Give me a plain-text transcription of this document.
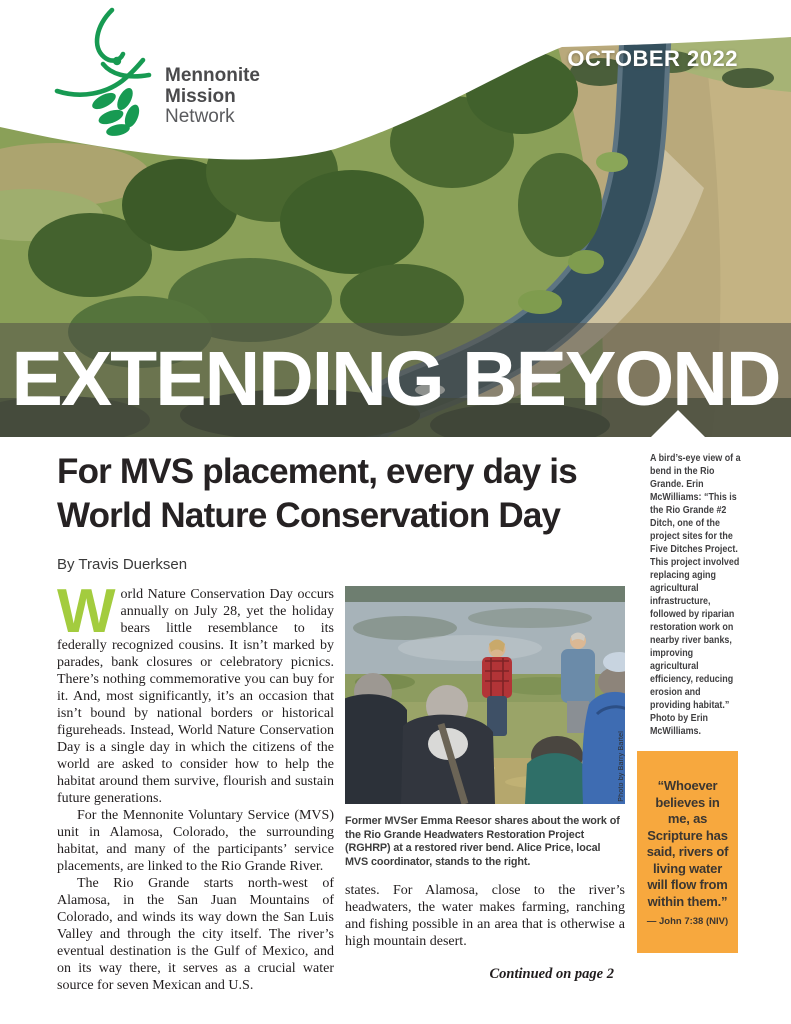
EXTENDING BEYOND
Mennonite
Mission
Network
OCTOBER 2022
For MVS placement, every day is
World Nature Conservation Day
By Travis Duerksen

World Nature Conservation Day occurs annually on July 28, yet the holiday bears little resemblance to its federally recognized cousins. It isn’t marked by parades, bank closures or celebratory picnics. There’s nothing commemorative you can buy for it. And, most significantly, it’s an occasion that isn’t bound by national borders or historical figureheads. Instead, World Nature Conservation Day is a single day in which the citizens of the world are asked to consider how to help the habitat around them survive, flourish and sustain future generations.

For the Mennonite Voluntary Service (MVS) unit in Alamosa, Colorado, the surrounding habitat, and many of the participants’ service placements, are linked to the Rio Grande River.

The Rio Grande starts north-west of Alamosa, in the San Juan Mountains of Colorado, and winds its way down the San Luis Valley and through the city itself. The river’s eventual destination is the Gulf of Mexico, and on its way there, it serves as a crucial water source for seven Mexican and U.S.

Photo by Barry Bartel
Former MVSer Emma Reesor shares about the work of the Rio Grande Headwaters Restoration Project (RGHRP) at a restored river bend. Alice Price, local MVS coordinator, stands to the right.

states. For Alamosa, close to the river’s headwaters, the water makes farming, ranching and fishing possible in an area that is otherwise a high mountain desert.

Continued on page 2
A bird’s-eye view of a bend in the Rio Grande. Erin McWilliams: “This is the Rio Grande #2 Ditch, one of the project sites for the Five Ditches Project. This project involved replacing aging agricultural infrastructure, followed by riparian restoration work on nearby river banks, improving agricultural efficiency, reducing erosion and providing habitat.” Photo by Erin McWilliams.
“Whoever believes in me, as Scripture has said, rivers of living water will flow from within them.”
— John 7:38 (NIV)
